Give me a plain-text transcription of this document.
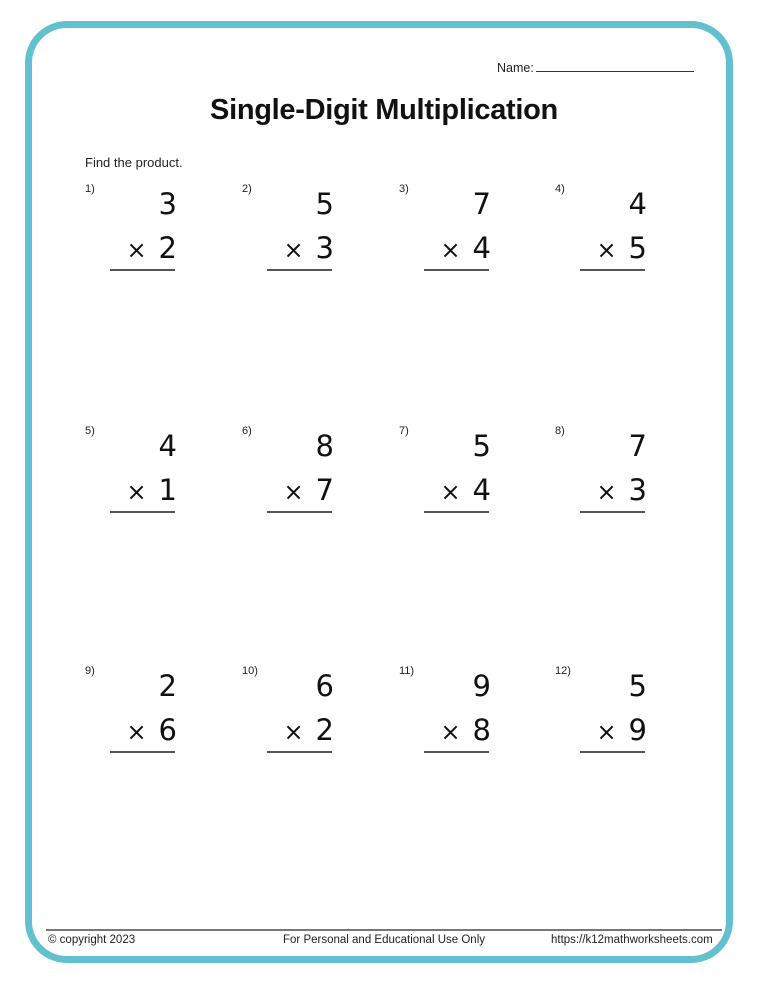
Name:
Single-Digit Multiplication
Find the product.
1) 3
× 2
2) 5
× 3
3) 7
× 4
4) 4
× 5
5) 4
× 1
6) 8
× 7
7) 5
× 4
8) 7
× 3
9) 2
× 6
10) 6
× 2
11) 9
× 8
12) 5
× 9
© copyright 2023	For Personal and Educational Use Only	https://k12mathworksheets.com
